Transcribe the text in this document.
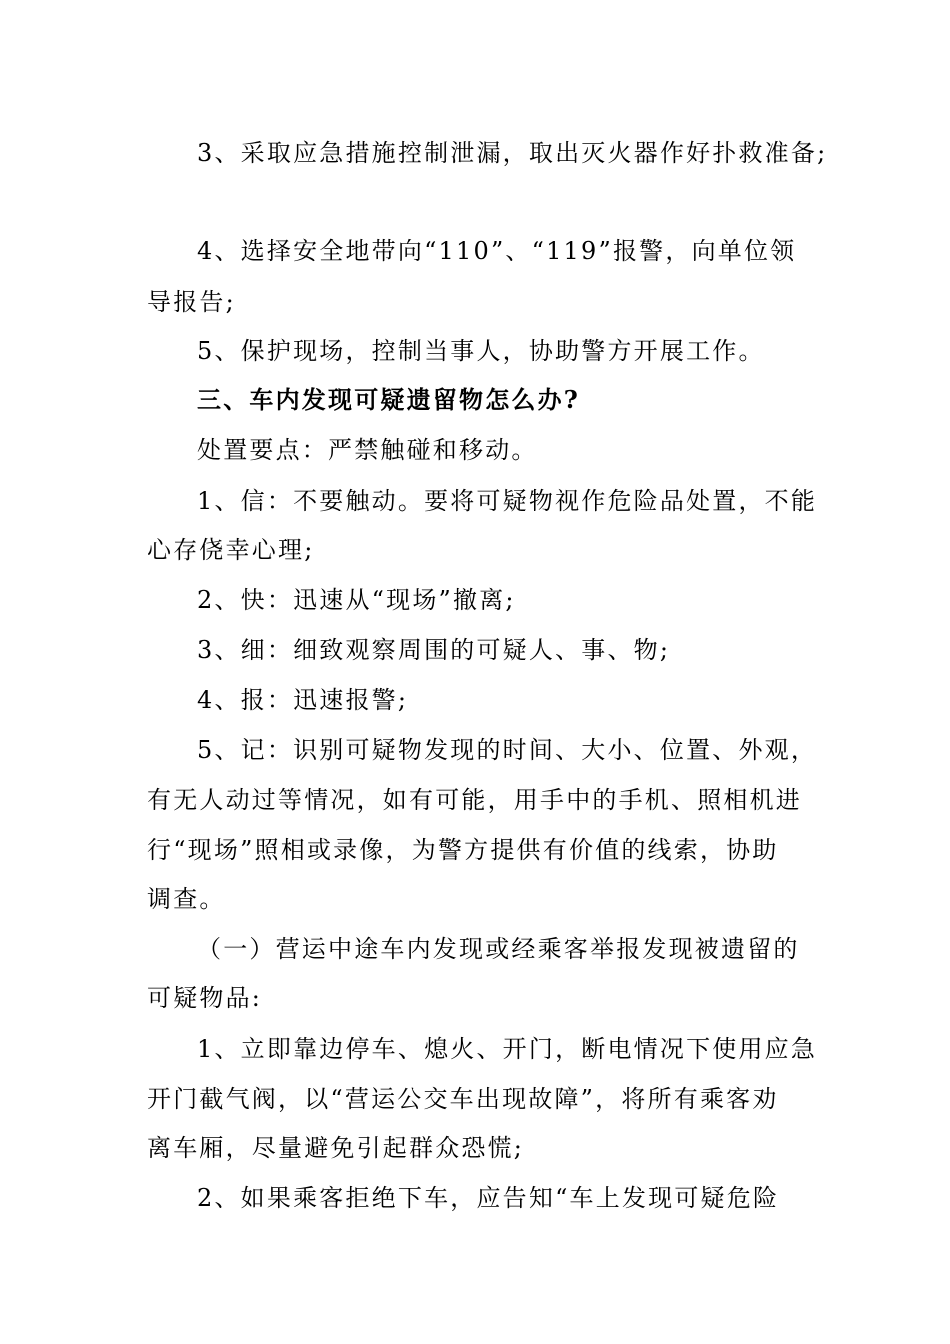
3、采取应急措施控制泄漏，取出灭火器作好扑救准备;
4、选择安全地带向“110”、“119”报警，向单位领
导报告;
5、保护现场，控制当事人，协助警方开展工作。
三、车内发现可疑遗留物怎么办?
处置要点：严禁触碰和移动。
1、信：不要触动。要将可疑物视作危险品处置，不能
心存侥幸心理;
2、快：迅速从“现场”撤离;
3、细：细致观察周围的可疑人、事、物;
4、报：迅速报警;
5、记：识别可疑物发现的时间、大小、位置、外观，
有无人动过等情况，如有可能，用手中的手机、照相机进
行“现场”照相或录像，为警方提供有价值的线索，协助
调查。
（一）营运中途车内发现或经乘客举报发现被遗留的
可疑物品:
1、立即靠边停车、熄火、开门，断电情况下使用应急
开门截气阀，以“营运公交车出现故障”，将所有乘客劝
离车厢，尽量避免引起群众恐慌;
2、如果乘客拒绝下车，应告知“车上发现可疑危险
